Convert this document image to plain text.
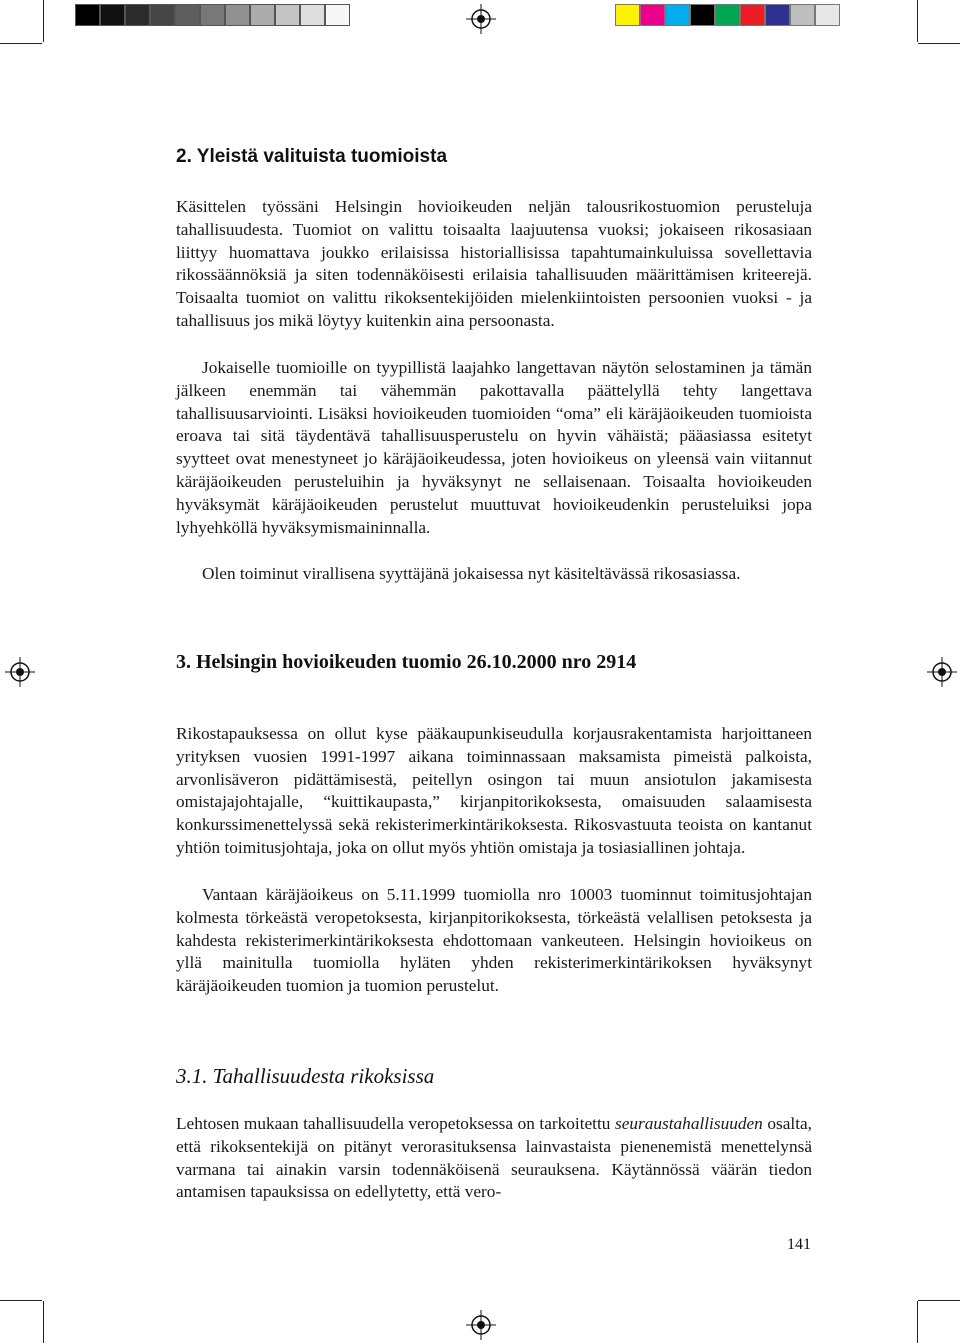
2. Yleistä valituista tuomioista

Käsittelen työssäni Helsingin hovioikeuden neljän talousrikostuomion perusteluja tahallisuudesta. Tuomiot on valittu toisaalta laajuutensa vuoksi; jokaiseen rikosasiaan liittyy huomattava joukko erilaisissa historiallisissa tapahtumainkuluissa sovellettavia rikossäännöksiä ja siten todennäköisesti erilaisia tahallisuuden määrittämisen kriteerejä. Toisaalta tuomiot on valittu rikoksentekijöiden mielenkiintoisten persoonien vuoksi - ja tahallisuus jos mikä löytyy kuitenkin aina persoonasta.

Jokaiselle tuomioille on tyypillistä laajahko langettavan näytön selostaminen ja tämän jälkeen enemmän tai vähemmän pakottavalla päättelyllä tehty langettava tahallisuusarviointi. Lisäksi hovioikeuden tuomioiden “oma” eli käräjäoikeuden tuomioista eroava tai sitä täydentävä tahallisuusperustelu on hyvin vähäistä; pääasiassa esitetyt syytteet ovat menestyneet jo käräjäoikeudessa, joten hovioikeus on yleensä vain viitannut käräjäoikeuden perusteluihin ja hyväksynyt ne sellaisenaan. Toisaalta hovioikeuden hyväksymät käräjäoikeuden perustelut muuttuvat hovioikeudenkin perusteluiksi jopa lyhyehköllä hyväksymismaininnalla.

Olen toiminut virallisena syyttäjänä jokaisessa nyt käsiteltävässä rikosasiassa.

3. Helsingin hovioikeuden tuomio 26.10.2000 nro 2914

Rikostapauksessa on ollut kyse pääkaupunkiseudulla korjausrakentamista harjoittaneen yrityksen vuosien 1991-1997 aikana toiminnassaan maksamista pimeistä palkoista, arvonlisäveron pidättämisestä, peitellyn osingon tai muun ansiotulon jakamisesta omistajajohtajalle, “kuittikaupasta,” kirjanpitorikoksesta, omaisuuden salaamisesta konkurssimenettelyssä sekä rekisterimerkintärikoksesta. Rikosvastuuta teoista on kantanut yhtiön toimitusjohtaja, joka on ollut myös yhtiön omistaja ja tosiasiallinen johtaja.

Vantaan käräjäoikeus on 5.11.1999 tuomiolla nro 10003 tuominnut toimitusjohtajan kolmesta törkeästä veropetoksesta, kirjanpitorikoksesta, törkeästä velallisen petoksesta ja kahdesta rekisterimerkintärikoksesta ehdottomaan vankeuteen. Helsingin hovioikeus on yllä mainitulla tuomiolla hyläten yhden rekisterimerkintärikoksen hyväksynyt käräjäoikeuden tuomion ja tuomion perustelut.

3.1. Tahallisuudesta rikoksissa

Lehtosen mukaan tahallisuudella veropetoksessa on tarkoitettu seuraustahallisuuden osalta, että rikoksentekijä on pitänyt verorasituksensa lainvastaista pienenemistä menettelynsä varmana tai ainakin varsin todennäköisenä seurauksena. Käytännössä väärän tiedon antamisen tapauksissa on edellytetty, että vero-

141
